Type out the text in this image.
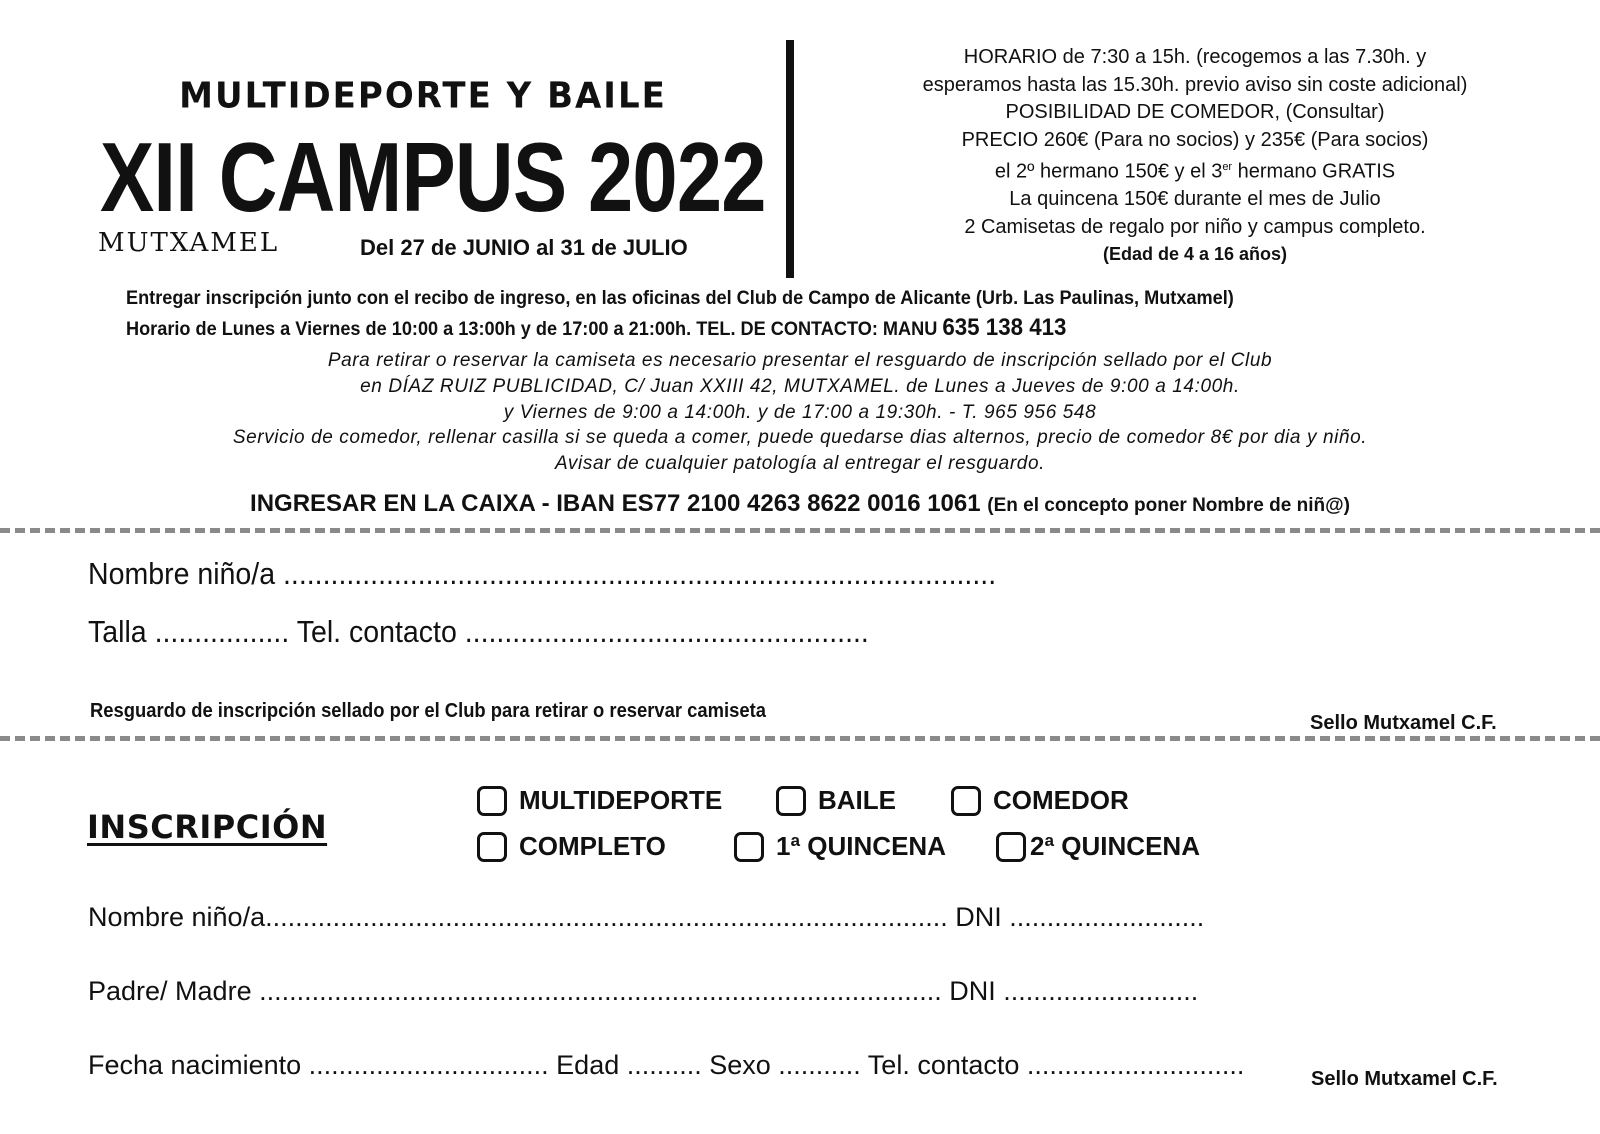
MULTIDEPORTE Y BAILE
XII CAMPUS 2022
MUTXAMEL	Del 27 de JUNIO al 31 de JULIO
HORARIO de 7:30 a 15h. (recogemos a las 7.30h. y
esperamos hasta las 15.30h. previo aviso sin coste adicional)
POSIBILIDAD DE COMEDOR, (Consultar)
PRECIO 260€ (Para no socios) y 235€ (Para socios)
el 2º hermano 150€ y el 3er hermano GRATIS
La quincena 150€ durante el mes de Julio
2 Camisetas de regalo por niño y campus completo.
(Edad de 4 a 16 años)
Entregar inscripción junto con el recibo de ingreso, en las oficinas del Club de Campo de Alicante (Urb. Las Paulinas, Mutxamel)
Horario de Lunes a Viernes de 10:00 a 13:00h y de 17:00 a 21:00h. TEL. DE CONTACTO: MANU 635 138 413
Para retirar o reservar la camiseta es necesario presentar el resguardo de inscripción sellado por el Club
en DÍAZ RUIZ PUBLICIDAD, C/ Juan XXIII 42, MUTXAMEL. de Lunes a Jueves de 9:00 a 14:00h.
y Viernes de 9:00 a 14:00h. y de 17:00 a 19:30h. - T. 965 956 548
Servicio de comedor, rellenar casilla si se queda a comer, puede quedarse dias alternos, precio de comedor 8€ por dia y niño.
Avisar de cualquier patología al entregar el resguardo.
INGRESAR EN LA CAIXA - IBAN ES77 2100 4263 8622 0016 1061 (En el concepto poner Nombre de niñ@)
Nombre niño/a ..........................................................................................
Talla ................. Tel. contacto ...................................................
Resguardo de inscripción sellado por el Club para retirar o reservar camiseta
Sello Mutxamel C.F.
INSCRIPCIÓN
MULTIDEPORTE	BAILE	COMEDOR
COMPLETO	1ª QUINCENA	2ª QUINCENA
Nombre niño/a........................................................................................... DNI ..........................
Padre/ Madre ........................................................................................... DNI ..........................
Fecha nacimiento ................................ Edad .......... Sexo ........... Tel. contacto .............................	Sello Mutxamel C.F.
